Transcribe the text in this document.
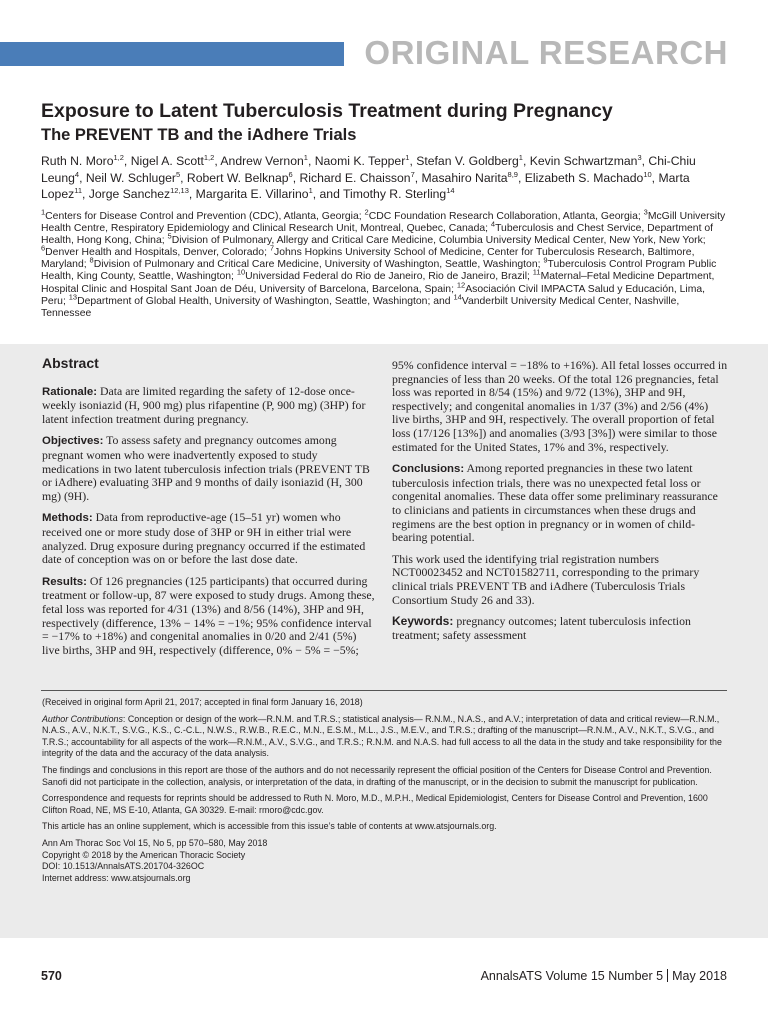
ORIGINAL RESEARCH
Exposure to Latent Tuberculosis Treatment during Pregnancy
The PREVENT TB and the iAdhere Trials
Ruth N. Moro$^{1,2}$, Nigel A. Scott$^{1,2}$, Andrew Vernon$^1$, Naomi K. Tepper$^1$, Stefan V. Goldberg$^1$, Kevin Schwartzman$^3$, Chi-Chiu Leung$^4$, Neil W. Schluger$^5$, Robert W. Belknap$^6$, Richard E. Chaisson$^7$, Masahiro Narita$^{8,9}$, Elizabeth S. Machado$^{10}$, Marta Lopez$^{11}$, Jorge Sanchez$^{12,13}$, Margarita E. Villarino$^1$, and Timothy R. Sterling$^{14}$
$^1$Centers for Disease Control and Prevention (CDC), Atlanta, Georgia; $^2$CDC Foundation Research Collaboration, Atlanta, Georgia; $^3$McGill University Health Centre, Respiratory Epidemiology and Clinical Research Unit, Montreal, Quebec, Canada; $^4$Tuberculosis and Chest Service, Department of Health, Hong Kong, China; $^5$Division of Pulmonary, Allergy and Critical Care Medicine, Columbia University Medical Center, New York, New York; $^6$Denver Health and Hospitals, Denver, Colorado; $^7$Johns Hopkins University School of Medicine, Center for Tuberculosis Research, Baltimore, Maryland; $^8$Division of Pulmonary and Critical Care Medicine, University of Washington, Seattle, Washington; $^9$Tuberculosis Control Program Public Health, King County, Seattle, Washington; $^{10}$Universidad Federal do Rio de Janeiro, Rio de Janeiro, Brazil; $^{11}$Maternal–Fetal Medicine Department, Hospital Clinic and Hospital Sant Joan de Déu, University of Barcelona, Barcelona, Spain; $^{12}$Asociación Civil IMPACTA Salud y Educación, Lima, Peru; $^{13}$Department of Global Health, University of Washington, Seattle, Washington; and $^{14}$Vanderbilt University Medical Center, Nashville, Tennessee
Abstract

Rationale: Data are limited regarding the safety of 12-dose once-weekly isoniazid (H, 900 mg) plus rifapentine (P, 900 mg) (3HP) for latent infection treatment during pregnancy.

Objectives: To assess safety and pregnancy outcomes among pregnant women who were inadvertently exposed to study medications in two latent tuberculosis infection trials (PREVENT TB or iAdhere) evaluating 3HP and 9 months of daily isoniazid (H, 300 mg) (9H).

Methods: Data from reproductive-age (15–51 yr) women who received one or more study dose of 3HP or 9H in either trial were analyzed. Drug exposure during pregnancy occurred if the estimated date of conception was on or before the last dose date.

Results: Of 126 pregnancies (125 participants) that occurred during treatment or follow-up, 87 were exposed to study drugs. Among these, fetal loss was reported for 4/31 (13%) and 8/56 (14%), 3HP and 9H, respectively (difference, 13% − 14% = −1%; 95% confidence interval = −17% to +18%) and congenital anomalies in 0/20 and 2/41 (5%) live births, 3HP and 9H, respectively (difference, 0% − 5% = −5%;

95% confidence interval = −18% to +16%). All fetal losses occurred in pregnancies of less than 20 weeks. Of the total 126 pregnancies, fetal loss was reported in 8/54 (15%) and 9/72 (13%), 3HP and 9H, respectively; and congenital anomalies in 1/37 (3%) and 2/56 (4%) live births, 3HP and 9H, respectively. The overall proportion of fetal loss (17/126 [13%]) and anomalies (3/93 [3%]) were similar to those estimated for the United States, 17% and 3%, respectively.

Conclusions: Among reported pregnancies in these two latent tuberculosis infection trials, there was no unexpected fetal loss or congenital anomalies. These data offer some preliminary reassurance to clinicians and patients in circumstances when these drugs and regimens are the best option in pregnancy or in women of child-bearing potential.

This work used the identifying trial registration numbers NCT00023452 and NCT01582711, corresponding to the primary clinical trials PREVENT TB and iAdhere (Tuberculosis Trials Consortium Study 26 and 33).

Keywords: pregnancy outcomes; latent tuberculosis infection treatment; safety assessment

(Received in original form April 21, 2017; accepted in final form January 16, 2018)

Author Contributions: Conception or design of the work—R.N.M. and T.R.S.; statistical analysis— R.N.M., N.A.S., and A.V.; interpretation of data and critical review—R.N.M., N.A.S., A.V., N.K.T., S.V.G., K.S., C.-C.L., N.W.S., R.W.B., R.E.C., M.N., E.S.M., M.L., J.S., M.E.V., and T.R.S.; drafting of the manuscript—R.N.M., A.V., N.K.T., S.V.G., and T.R.S.; accountability for all aspects of the work—R.N.M., A.V., S.V.G., and T.R.S.; R.N.M. and N.A.S. had full access to all the data in the study and take responsibility for the integrity of the data and the accuracy of the data analysis.

The findings and conclusions in this report are those of the authors and do not necessarily represent the official position of the Centers for Disease Control and Prevention. Sanofi did not participate in the collection, analysis, or interpretation of the data, in drafting of the manuscript, or in the decision to submit the manuscript for publication.

Correspondence and requests for reprints should be addressed to Ruth N. Moro, M.D., M.P.H., Medical Epidemiologist, Centers for Disease Control and Prevention, 1600 Clifton Road, NE, MS E-10, Atlanta, GA 30329. E-mail: rmoro@cdc.gov.

This article has an online supplement, which is accessible from this issue’s table of contents at www.atsjournals.org.

Ann Am Thorac Soc Vol 15, No 5, pp 570–580, May 2018
Copyright © 2018 by the American Thoracic Society
DOI: 10.1513/AnnalsATS.201704-326OC
Internet address: www.atsjournals.org
570	AnnalsATS Volume 15 Number 5 May 2018
